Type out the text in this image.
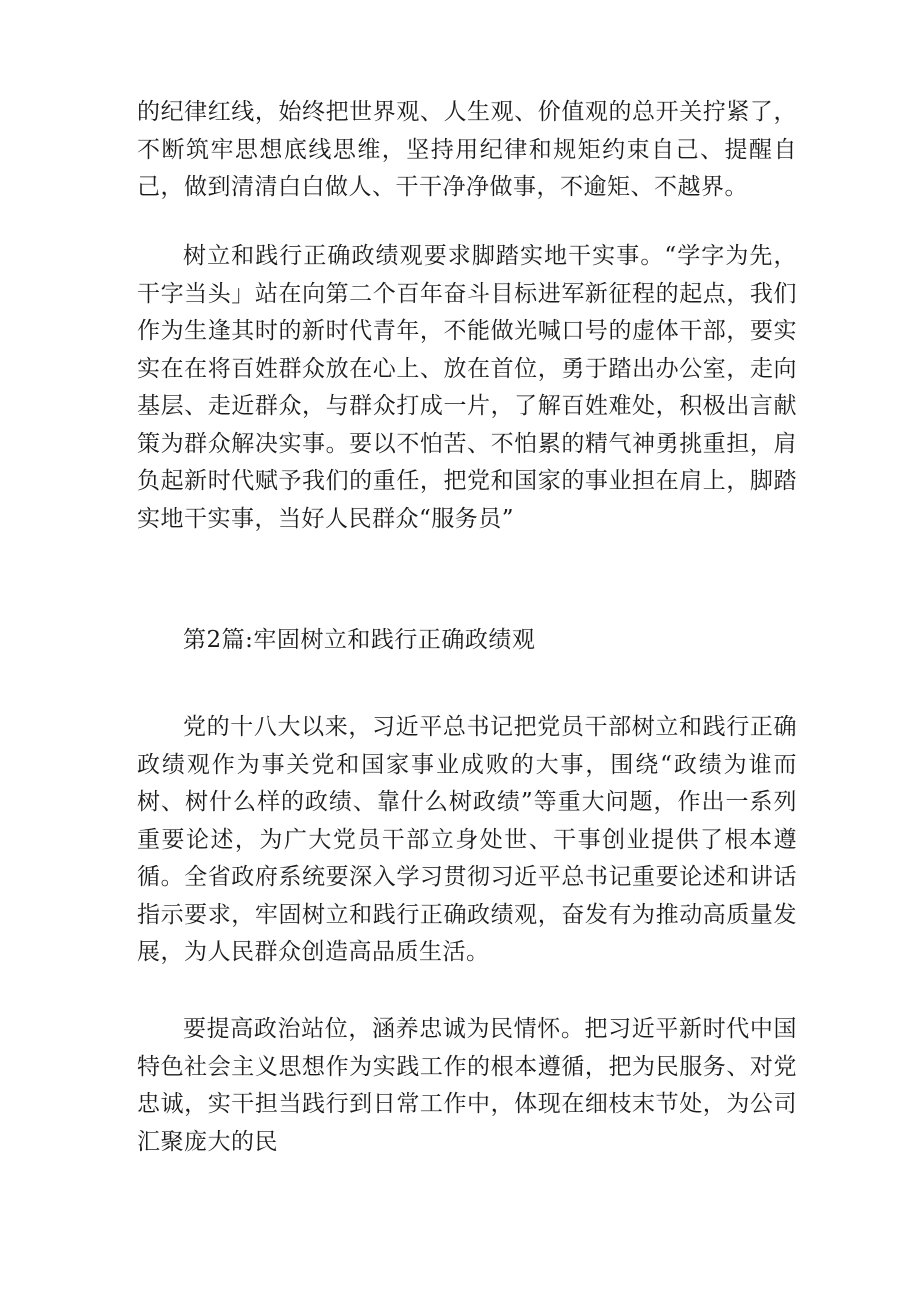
的纪律红线，始终把世界观、人生观、价值观的总开关拧紧了，不断筑牢思想底线思维，坚持用纪律和规矩约束自己、提醒自己，做到清清白白做人、干干净净做事，不逾矩、不越界。

树立和践行正确政绩观要求脚踏实地干实事。“学字为先，干字当头」站在向第二个百年奋斗目标进军新征程的起点，我们作为生逢其时的新时代青年，不能做光喊口号的虚体干部，要实实在在将百姓群众放在心上、放在首位，勇于踏出办公室，走向基层、走近群众，与群众打成一片，了解百姓难处，积极出言献策为群众解决实事。要以不怕苦、不怕累的精气神勇挑重担，肩负起新时代赋予我们的重任，把党和国家的事业担在肩上，脚踏实地干实事，当好人民群众“服务员”

第2篇:牢固树立和践行正确政绩观

党的十八大以来，习近平总书记把党员干部树立和践行正确政绩观作为事关党和国家事业成败的大事，围绕“政绩为谁而树、树什么样的政绩、靠什么树政绩”等重大问题，作出一系列重要论述，为广大党员干部立身处世、干事创业提供了根本遵循。全省政府系统要深入学习贯彻习近平总书记重要论述和讲话指示要求，牢固树立和践行正确政绩观，奋发有为推动高质量发展，为人民群众创造高品质生活。

要提高政治站位，涵养忠诚为民情怀。把习近平新时代中国特色社会主义思想作为实践工作的根本遵循，把为民服务、对党忠诚，实干担当践行到日常工作中，体现在细枝末节处，为公司汇聚庞大的民
